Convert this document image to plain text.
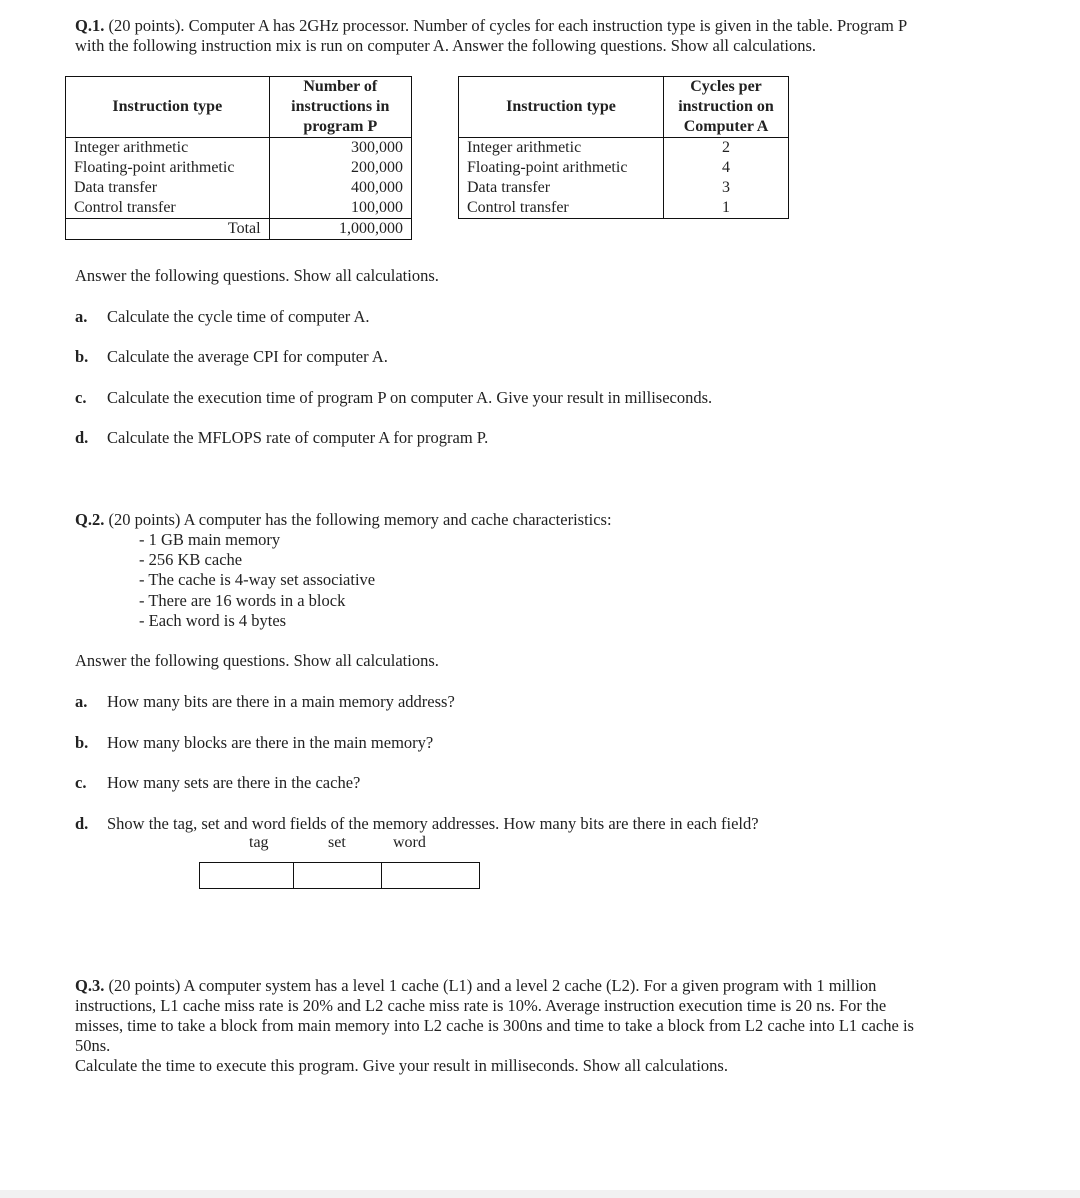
Q.1. (20 points). Computer A has 2GHz processor. Number of cycles for each instruction type is given in the table. Program P
with the following instruction mix is run on computer A. Answer the following questions. Show all calculations.
Instruction type	Number of
instructions in
program P

Integer arithmetic	300,000
Floating-point arithmetic	200,000
Data transfer	400,000
Control transfer	100,000
Total	1,000,000
Instruction type	Cycles per
instruction on
Computer A

Integer arithmetic	2
Floating-point arithmetic	4
Data transfer	3
Control transfer	1
Answer the following questions. Show all calculations.
a. Calculate the cycle time of computer A.
b. Calculate the average CPI for computer A.
c. Calculate the execution time of program P on computer A. Give your result in milliseconds.
d. Calculate the MFLOPS rate of computer A for program P.
Q.2. (20 points) A computer has the following memory and cache characteristics:
- 1 GB main memory
- 256 KB cache
- The cache is 4-way set associative
- There are 16 words in a block
- Each word is 4 bytes
Answer the following questions. Show all calculations.
a. How many bits are there in a main memory address?
b. How many blocks are there in the main memory?
c. How many sets are there in the cache?
d. Show the tag, set and word fields of the memory addresses. How many bits are there in each field?
tag	set	word
Q.3. (20 points) A computer system has a level 1 cache (L1) and a level 2 cache (L2). For a given program with 1 million
instructions, L1 cache miss rate is 20% and L2 cache miss rate is 10%. Average instruction execution time is 20 ns. For the
misses, time to take a block from main memory into L2 cache is 300ns and time to take a block from L2 cache into L1 cache is
50ns.
Calculate the time to execute this program. Give your result in milliseconds. Show all calculations.
